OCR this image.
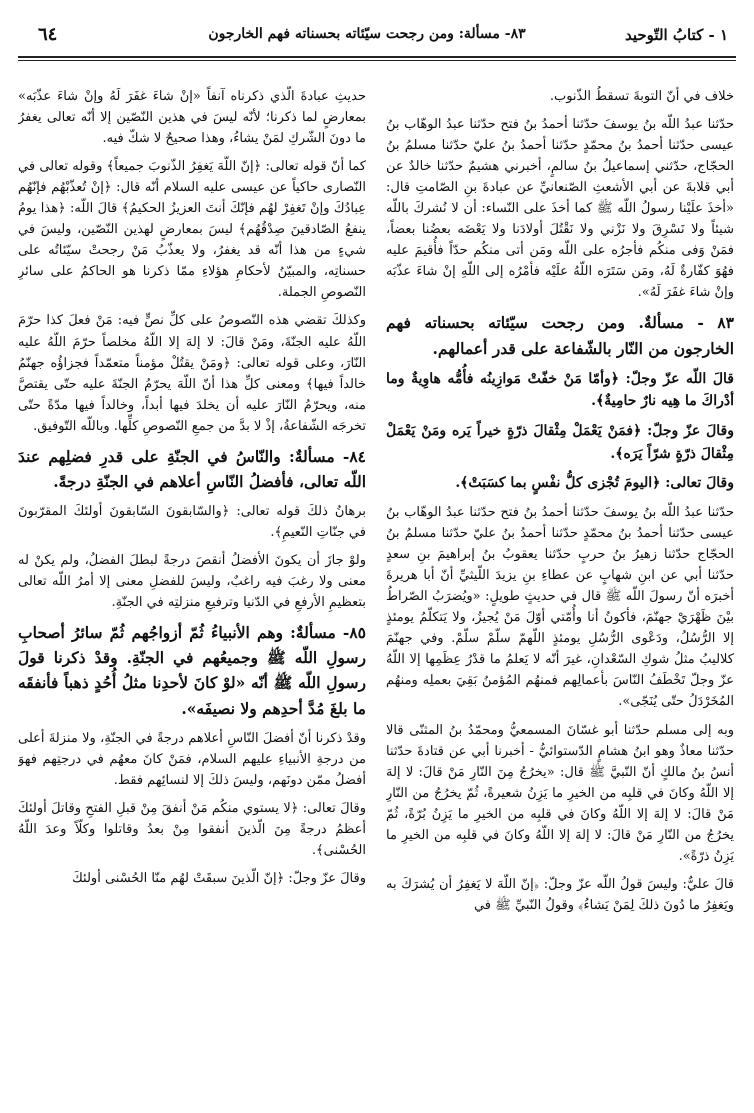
١ - كتابُ التّوحيد
٨٣- مسألة: ومن رجحت سيّئاته بحسناته فهم الخارجون
٦٤

خلاف في أنّ التوبةَ تسقطُ الذّنوب.

حدّثنا عبدُ اللّه بنُ يوسفَ حدّثنا أحمدُ بنُ فتح حدّثنا عبدُ الوهّاب بنُ عيسى حدّثنا أحمدُ بنُ محمّدٍ حدّثنا أحمدُ بنُ عليّ حدّثنا مسلمُ بنُ الحجّاج، حدّثني إسماعيلُ بنُ سالمٍ، أخبرني هشيمٌ حدّثنا خالدٌ عن أبي قلابةَ عن أبي الأشعثِ الصّنعانيِّ عن عبادةَ بنِ الصّامتِ قال: «أخذَ علَيْنا رسولُ اللّه ﷺ كما أخذَ على النّساء: أن لا نُشركَ باللّه شيئاً ولا نَسْرِقَ ولا نَزْني ولا نَقْتُلَ أولادَنا ولا يَعْضَه بعضُنا بعضاً، فمَنْ وَفى منكُم فأجرُه على اللّه ومَن أتى منكُم حدّاً فأُقيمَ عليه فهُوَ كفّارةٌ لَهُ، ومَن سَتَرَه اللّهُ علَيْه فأمْرُه إلى اللّهِ إنْ شاءَ عذّبَه وإنْ شاءَ غفَرَ لَهُ».

٨٣ - مسألةٌ. ومن رجحت سيّئاته بحسناته فهم الخارجون من النّار بالشّفاعة على قدر أعمالهم.

قالَ اللّه عزّ وجلّ: ﴿وأمّا مَنْ خفّتْ مَوازِينُه فأُمُّه هاوِيةٌ وما أدْراكَ ما هِيه نارٌ حامِيةٌ﴾.

وقالَ عزّ وجلّ: ﴿فمَنْ يَعْمَلْ مِثْقالَ ذرّةٍ خيراً يَره ومَنْ يَعْمَلْ مِثْقالَ ذرّةٍ شرّاً يَرَه﴾.

وقالَ تعالى: ﴿اليومَ تُجْزى كلُّ نفْسٍ بما كسَبَتْ﴾.

حدّثنا عبدُ اللّه بنُ يوسفَ حدّثنا أحمدُ بنُ فتح حدّثنا عبدُ الوهّاب بنُ عيسى حدّثنا أحمدُ بنُ محمّدٍ حدّثنا أحمدُ بنُ عليّ حدّثنا مسلمُ بنُ الحجّاج حدّثنا زهيرُ بنُ حربٍ حدّثنا يعقوبُ بنُ إبراهيمَ بنِ سعدٍ حدّثنا أبي عن ابنِ شهابٍ عن عطاءِ بنِ يزيدَ اللّيثيِّ أنّ أبا هريرةَ أخبرَه أنّ رسولَ اللّه ﷺ قال في حديثٍ طويلٍ: «ويُضرَبُ الصّراطُ بيْنَ ظَهْرَيْ جهنّمَ، فأكونُ أنا وأُمّتي أوّلَ مَنْ يُجيزُ، ولا يَتكلّمُ يومئذٍ إلا الرُّسُلُ، ودَعْوى الرُّسُلِ يومئذٍ اللّهمّ سلّمْ سلّمْ. وفي جهنّمَ كلاليبُ مثلُ شوكِ السّعْدانِ، غيرَ أنّه لا يَعلمُ ما قدْرُ عِظَمِها إلا اللّهُ عزّ وجلّ تَخْطَفُ النّاسَ بأعمالِهم فمنهُم المُؤمنُ بَقِيَ بعملِه ومنهُم المُخَرْدَلُ حتّى يُنَجّى».

وبه إلى مسلم حدّثنا أبو غسّانَ المسمعيُّ ومحمّدُ بنُ المثنّى قالا حدّثنا معاذٌ وهو ابنُ هشامٍ الدّستوائيُّ - أخبرنا أبي عن قتادةَ حدّثنا أنسُ بنُ مالكٍ أنّ النّبيَّ ﷺ قال: «يخرُجُ مِنَ النّارِ مَنْ قالَ: لا إلهَ إلا اللّهُ وكانَ في قلبِه من الخيرِ ما يَزِنُ شعيرةً، ثُمّ يخرُجُ من النّارِ مَنْ قالَ: لا إلهَ إلا اللّهُ وكانَ في قلبِه من الخيرِ ما يَزِنُ بُرّةً، ثُمّ يخرُجُ من النّارِ مَنْ قالَ: لا إلهَ إلا اللّهُ وكانَ في قلبِه من الخيرِ ما يَزِنُ ذرّةً».

قالَ عليٌّ: وليسَ قولُ اللّه عزّ وجلّ: ﴿إنّ اللّهَ لا يَغفِرُ أن يُشرَكَ به ويَغفِرُ ما دُونَ ذلكَ لِمَنْ يَشاءُ﴾ وقولُ النّبيِّ ﷺ في

حديثِ عبادةَ الّذي ذكرناه آنفاً «إنْ شاءَ غفَرَ لَهُ وإنْ شاءَ عذّبَه» بمعارضٍ لما ذكرنا؛ لأنّه ليسَ في هذين النّصّين إلا أنّه تعالى يغفرُ ما دونَ الشّركِ لمَنْ يشاءُ، وهذا صحيحٌ لا شكّ فيه.

كما أنّ قوله تعالى: ﴿إنّ اللّهَ يَغفِرُ الذّنوبَ جميعاً﴾ وقوله تعالى في النّصارى حاكياً عن عيسى عليه السلام أنّه قال: ﴿إنْ تُعذّبْهُم فإنّهُم عِبادُكَ وإنْ تَغفِرْ لهُم فإنّكَ أنتَ العزيزُ الحكيمُ﴾ قالَ اللّه: ﴿هذا يومُ ينفعُ الصّادقينَ صِدْقُهُم﴾ ليسَ بمعارضٍ لهذين النّصّين، وليسَ في شيءٍ من هذا أنّه قد يغفرُ، ولا يعذّبُ مَنْ رجحتْ سيّئاتُه على حسناتِه، والمبيّنُ لأحكامِ هؤلاءِ ممّا ذكرنا هو الحاكمُ على سائرِ النّصوصِ الجملة.

وكذلكَ تقضي هذه النّصوصُ على كلِّ نصٍّ فيه: مَنْ فعلَ كذا حرّمَ اللّهُ عليه الجنّةَ، ومَنْ قالَ: لا إلهَ إلا اللّهُ مخلصاً حرّمَ اللّهُ عليه النّارَ، وعلى قوله تعالى: ﴿ومَنْ يقتُلْ مؤمناً متعمّداً فجزاؤُه جهنّمُ خالداً فيها﴾ ومعنى كلِّ هذا أنّ اللّهَ يحرّمُ الجنّةَ عليه حتّى يقتصَّ منه، ويحرّمُ النّارَ عليه أن يخلدَ فيها أبداً، وخالداً فيها مدّةً حتّى تخرجَه الشّفاعةُ، إذْ لا بدَّ من جمعِ النّصوصِ كلِّها. وباللّه التّوفيق.

٨٤- مسألةٌ: والنّاسُ في الجنّةِ على قدرِ فضلِهم عندَ اللّه تعالى، فأفضلُ النّاسِ أعلاهم في الجنّةِ درجةً.

برهانُ ذلكَ قوله تعالى: ﴿والسّابقونَ السّابقونَ أولئكَ المقرّبونَ في جنّاتِ النّعيمِ﴾.

ولوْ جازَ أن يكونَ الأفضلُ أنقصَ درجةً لبطلَ الفضلُ، ولم يكنْ له معنى ولا رغبَ فيه راغبٌ، وليسَ للفضلِ معنى إلا أمرُ اللّه تعالى بتعظيمِ الأرفعِ في الدّنيا وترفيعِ منزلتِه في الجنّةِ.

٨٥- مسألةٌ: وهم الأنبياءُ ثُمّ أزواجُهم ثُمّ سائرُ أصحابِ رسولِ اللّه ﷺ وجميعُهم في الجنّةِ. وقدْ ذكرنا قولَ رسولِ اللّه ﷺ أنّه «لوْ كانَ لأحدِنا مثلُ أُحُدٍ ذهباً فأنفقَه ما بلغَ مُدَّ أحدِهم ولا نصيفَه».

وقدْ ذكرنا أنّ أفضلَ النّاسِ أعلاهم درجةً في الجنّةِ، ولا منزلةَ أعلى من درجةِ الأنبياءِ عليهم السلام، فمَنْ كانَ معهُم في درجتِهم فهوَ أفضلُ ممّن دونَهم، وليسَ ذلكَ إلا لنسائِهم فقط.

وقالَ تعالى: ﴿لا يستوي منكُم مَنْ أنفقَ مِنْ قبلِ الفتحِ وقاتلَ أولئكَ أعظمُ درجةً مِنَ الّذينَ أنفقوا مِنْ بعدُ وقاتلوا وكلّاً وعدَ اللّهُ الحُسْنى﴾.

وقالَ عزّ وجلّ: ﴿إنّ الّذينَ سبقَتْ لهُم منّا الحُسْنى أولئكَ
